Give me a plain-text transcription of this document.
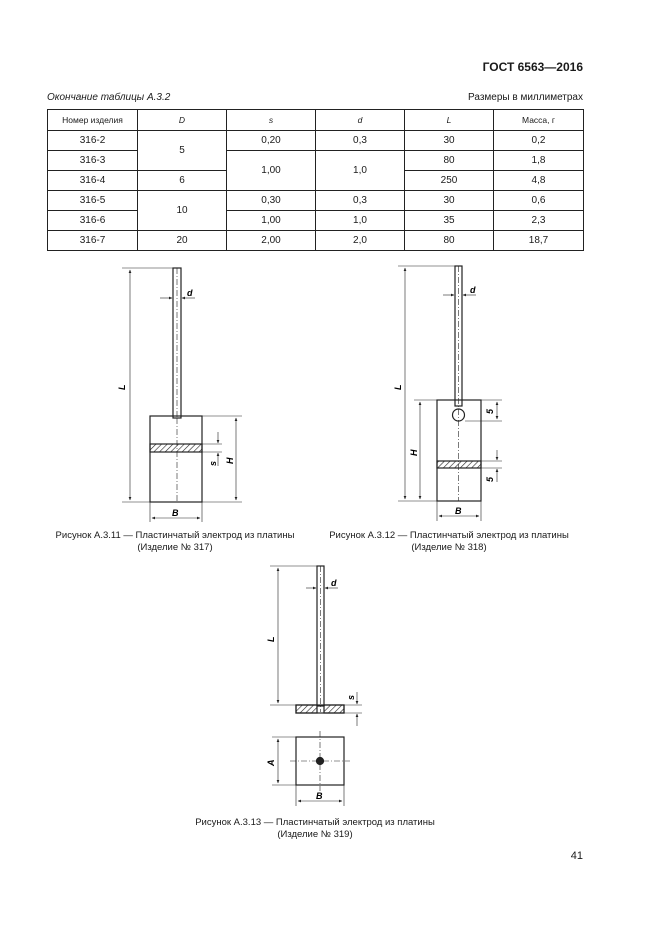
ГОСТ 6563—2016
Окончание таблицы А.3.2	Размеры в миллиметрах
Номер изделия	D	s	d	L	Масса, г
316-2	5	0,20	0,3	30	0,2
316-3		1,00	1,0	80	1,8
316-4	6			250	4,8
316-5	10	0,30	0,3	30	0,6
316-6		1,00	1,0	35	2,3
316-7	20	2,00	2,0	80	18,7
L
d
s H
B
L
d
H
5
5
B
L
d
s
A
B
Рисунок А.3.11 — Пластинчатый электрод из платины
(Изделие № 317)
Рисунок А.3.12 — Пластинчатый электрод из платины
(Изделие № 318)
Рисунок А.3.13 — Пластинчатый электрод из платины
(Изделие № 319)
41
